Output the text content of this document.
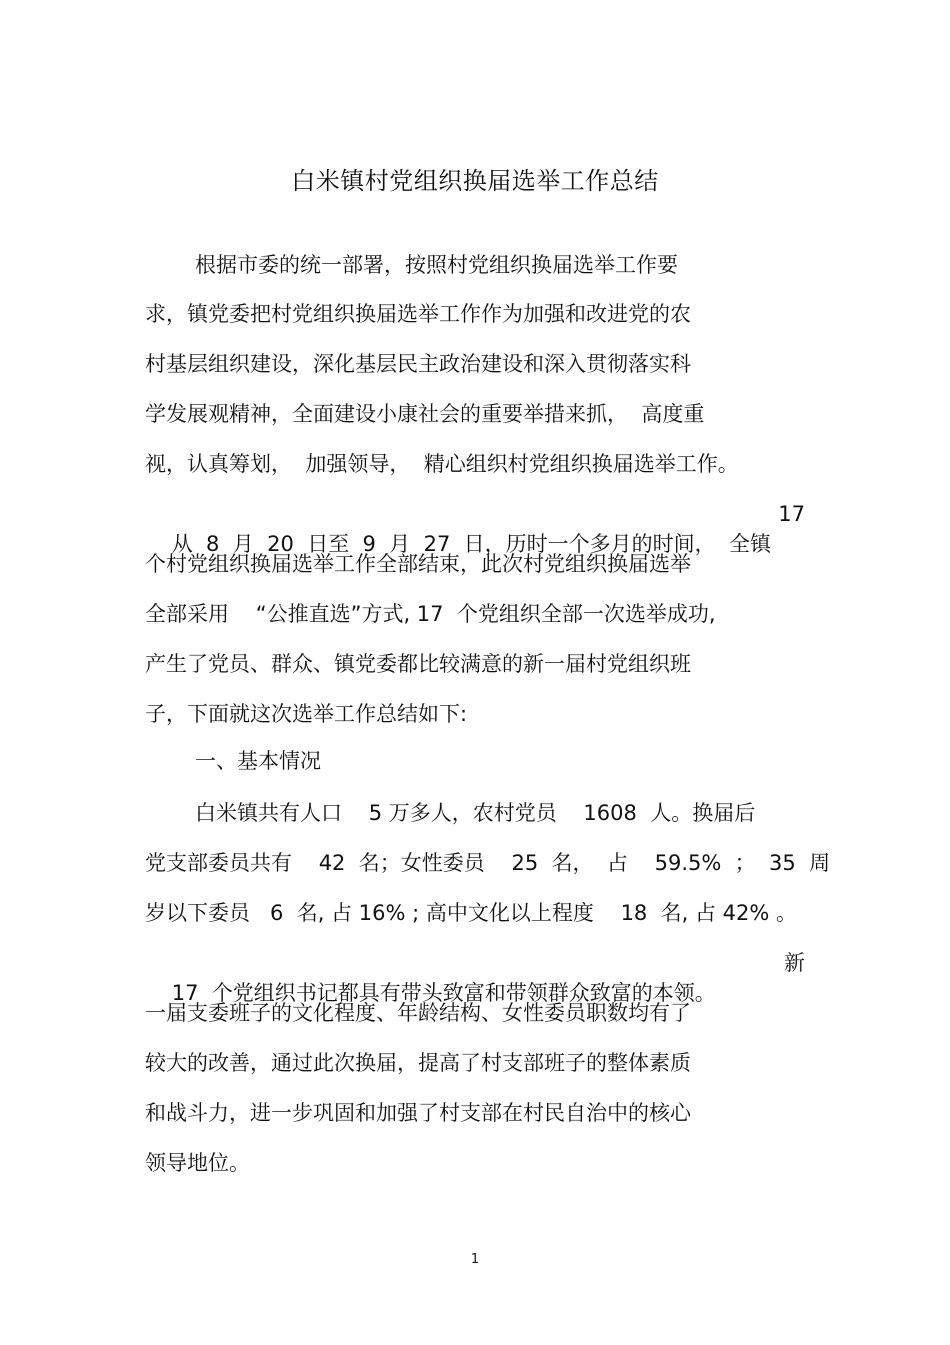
白米镇村党组织换届选举工作总结
根据市委的统一部署，按照村党组织换届选举工作要
求，镇党委把村党组织换届选举工作作为加强和改进党的农
村基层组织建设，深化基层民主政治建设和深入贯彻落实科
学发展观精神，全面建设小康社会的重要举措来抓，  高度重
视，认真筹划，  加强领导，  精心组织村党组织换届选举工作。

从  8  月  20  日至  9  月  27  日，历时一个多月的时间，  全镇

17

个村党组织换届选举工作全部结束，此次村党组织换届选举
全部采用    “公推直选”方式, 17  个党组织全部一次选举成功,
产生了党员、群众、镇党委都比较满意的新一届村党组织班
子，下面就这次选举工作总结如下:
一、基本情况
白米镇共有人口    5 万多人，农村党员    1608  人。换届后
党支部委员共有    42  名；女性委员    25  名，  占    59.5%  ；  35  周
岁以下委员   6  名, 占 16% ; 高中文化以上程度    18  名, 占 42% 。

17  个党组织书记都具有带头致富和带领群众致富的本领。

新

一届支委班子的文化程度、年龄结构、女性委员职数均有了
较大的改善，通过此次换届，提高了村支部班子的整体素质
和战斗力，进一步巩固和加强了村支部在村民自治中的核心
领导地位。
1
